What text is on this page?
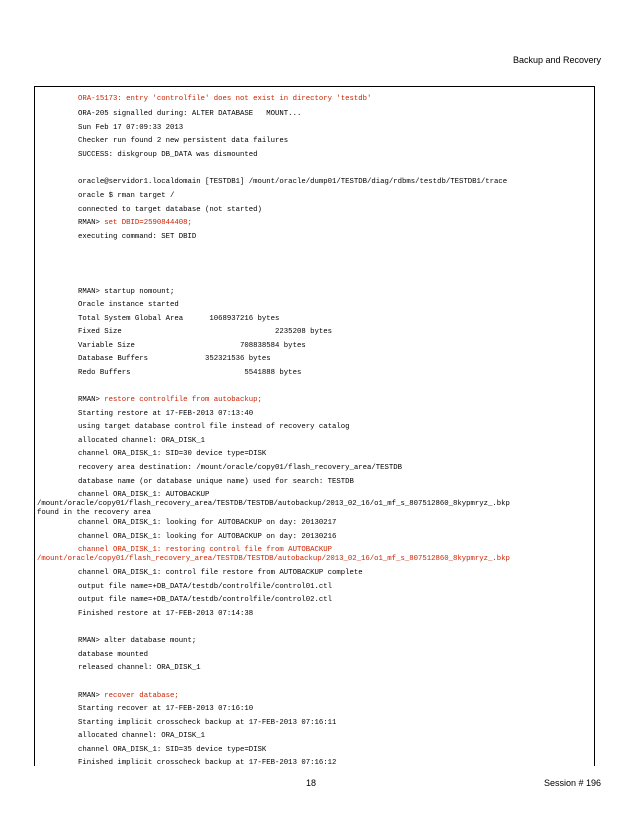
Backup and Recovery
ORA-15173: entry 'controlfile' does not exist in directory 'testdb'
ORA-205 signalled during: ALTER DATABASE   MOUNT...
Sun Feb 17 07:09:33 2013
Checker run found 2 new persistent data failures
SUCCESS: diskgroup DB_DATA was dismounted
oracle@servidor1.localdomain [TESTDB1] /mount/oracle/dump01/TESTDB/diag/rdbms/testdb/TESTDB1/trace
oracle $ rman target /
connected to target database (not started)
RMAN> set DBID=2590844408;
executing command: SET DBID
RMAN> startup nomount;
Oracle instance started
Total System Global Area      1068937216 bytes
Fixed Size                                   2235208 bytes
Variable Size                        708838584 bytes
Database Buffers             352321536 bytes
Redo Buffers                          5541888 bytes
RMAN> restore controlfile from autobackup;
Starting restore at 17-FEB-2013 07:13:40
using target database control file instead of recovery catalog
allocated channel: ORA_DISK_1
channel ORA_DISK_1: SID=30 device type=DISK
recovery area destination: /mount/oracle/copy01/flash_recovery_area/TESTDB
database name (or database unique name) used for search: TESTDB
channel ORA_DISK_1: AUTOBACKUP
/mount/oracle/copy01/flash_recovery_area/TESTDB/TESTDB/autobackup/2013_02_16/o1_mf_s_807512860_8kypmryz_.bkp
found in the recovery area
channel ORA_DISK_1: looking for AUTOBACKUP on day: 20130217
channel ORA_DISK_1: looking for AUTOBACKUP on day: 20130216
channel ORA_DISK_1: restoring control file from AUTOBACKUP
/mount/oracle/copy01/flash_recovery_area/TESTDB/TESTDB/autobackup/2013_02_16/o1_mf_s_807512860_8kypmryz_.bkp
channel ORA_DISK_1: control file restore from AUTOBACKUP complete
output file name=+DB_DATA/testdb/controlfile/control01.ctl
output file name=+DB_DATA/testdb/controlfile/control02.ctl
Finished restore at 17-FEB-2013 07:14:38
RMAN> alter database mount;
database mounted
released channel: ORA_DISK_1
RMAN> recover database;
Starting recover at 17-FEB-2013 07:16:10
Starting implicit crosscheck backup at 17-FEB-2013 07:16:11
allocated channel: ORA_DISK_1
channel ORA_DISK_1: SID=35 device type=DISK
Finished implicit crosscheck backup at 17-FEB-2013 07:16:12
18	Session # 196
